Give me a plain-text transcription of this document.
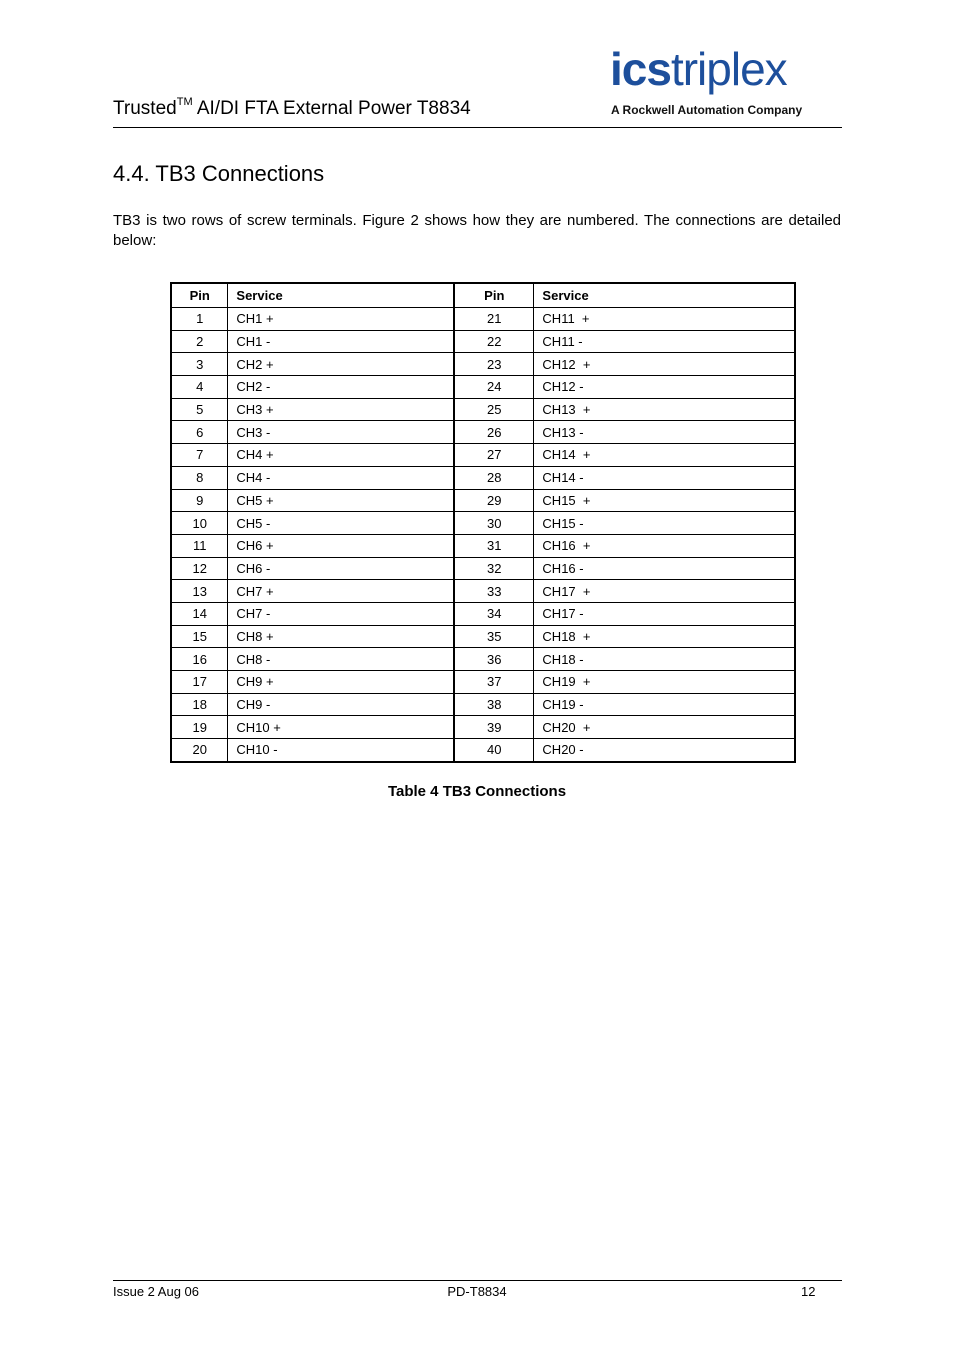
Trusted™ AI/DI FTA External Power T8834
icstriplex
A Rockwell Automation Company
4.4. TB3 Connections
TB3 is two rows of screw terminals. Figure 2 shows how they are numbered. The connections are detailed below:
Pin	Service	Pin	Service
1	CH1 +	21	CH11  +
2	CH1 -	22	CH11 -
3	CH2 +	23	CH12  +
4	CH2 -	24	CH12 -
5	CH3 +	25	CH13  +
6	CH3 -	26	CH13 -
7	CH4 +	27	CH14  +
8	CH4 -	28	CH14 -
9	CH5 +	29	CH15  +
10	CH5 -	30	CH15 -
11	CH6 +	31	CH16  +
12	CH6 -	32	CH16 -
13	CH7 +	33	CH17  +
14	CH7 -	34	CH17 -
15	CH8 +	35	CH18  +
16	CH8 -	36	CH18 -
17	CH9 +	37	CH19  +
18	CH9 -	38	CH19 -
19	CH10 +	39	CH20  +
20	CH10 -	40	CH20 -
Table 4 TB3 Connections
Issue 2 Aug 06	PD-T8834	12
